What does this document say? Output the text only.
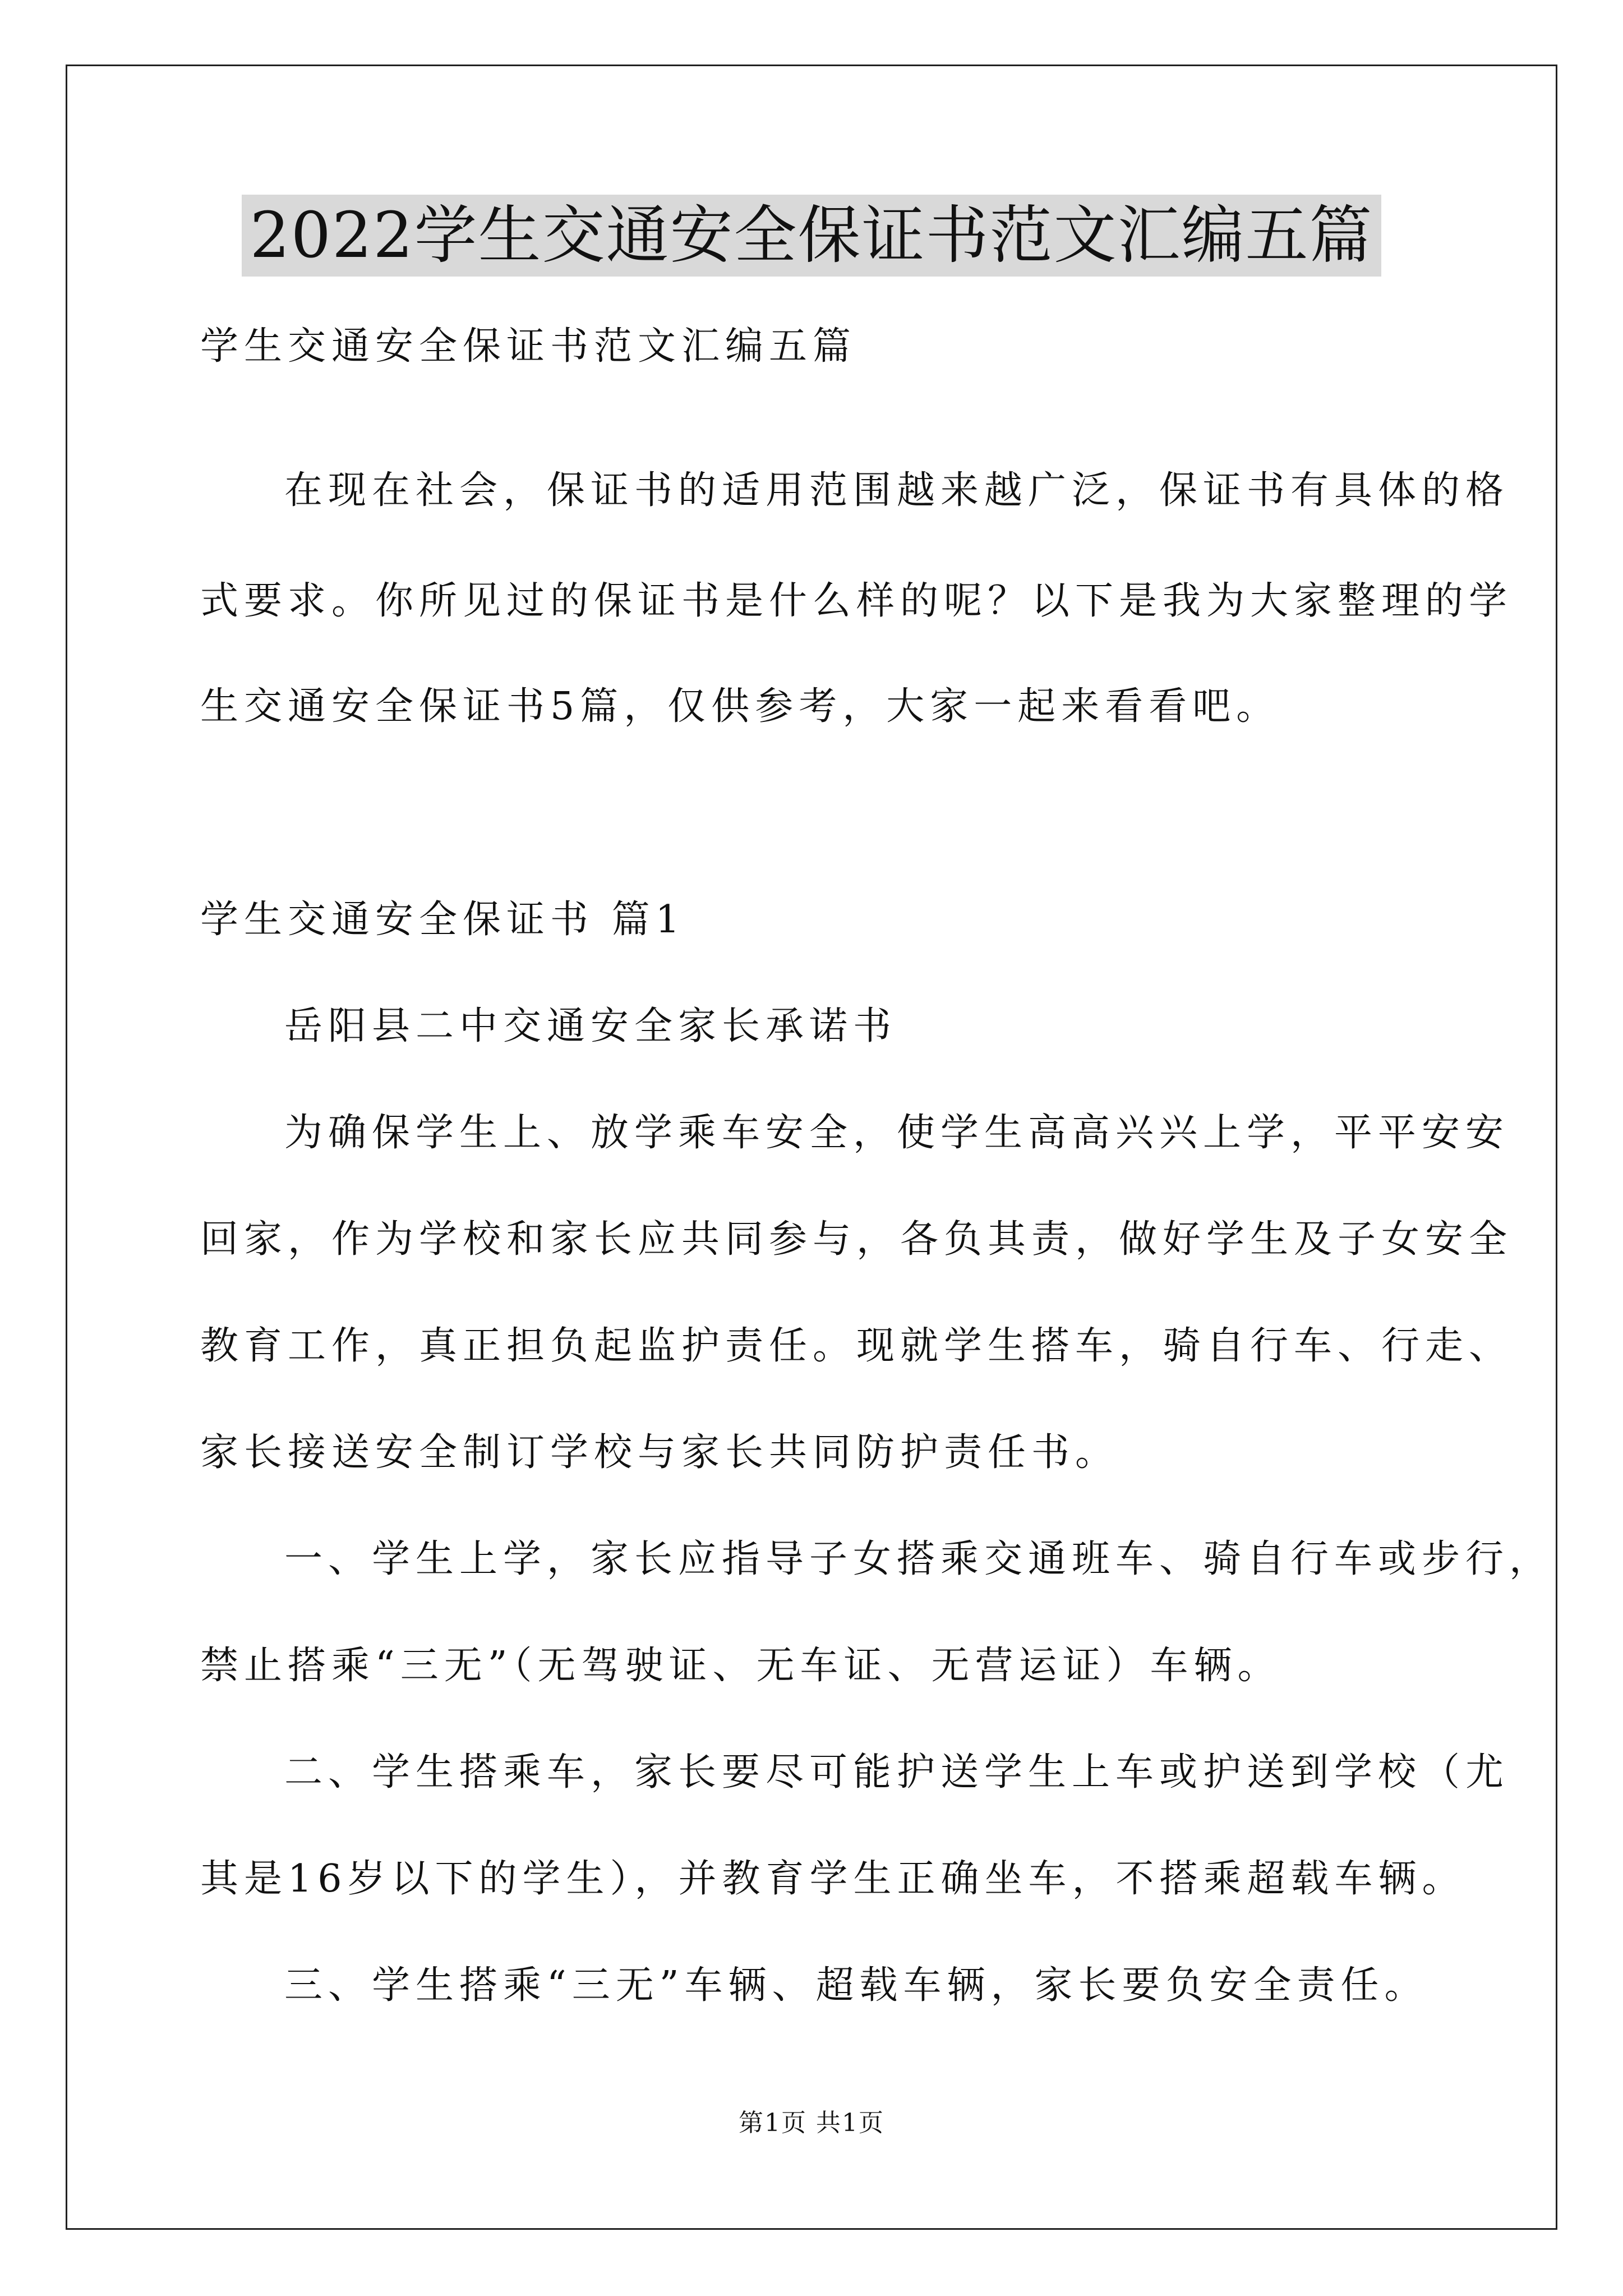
2022学生交通安全保证书范文汇编五篇
学生交通安全保证书范文汇编五篇
在现在社会，保证书的适用范围越来越广泛，保证书有具体的格
式要求。你所见过的保证书是什么样的呢？以下是我为大家整理的学
生交通安全保证书5篇，仅供参考，大家一起来看看吧。
学生交通安全保证书 篇1
岳阳县二中交通安全家长承诺书
为确保学生上、放学乘车安全，使学生高高兴兴上学，平平安安
回家，作为学校和家长应共同参与，各负其责，做好学生及子女安全
教育工作，真正担负起监护责任。现就学生搭车，骑自行车、行走、
家长接送安全制订学校与家长共同防护责任书。
一、学生上学，家长应指导子女搭乘交通班车、骑自行车或步行，
禁止搭乘“三无”（无驾驶证、无车证、无营运证）车辆。
二、学生搭乘车，家长要尽可能护送学生上车或护送到学校（尤
其是16岁以下的学生），并教育学生正确坐车，不搭乘超载车辆。
三、学生搭乘“三无”车辆、超载车辆，家长要负安全责任。
第1页 共1页
